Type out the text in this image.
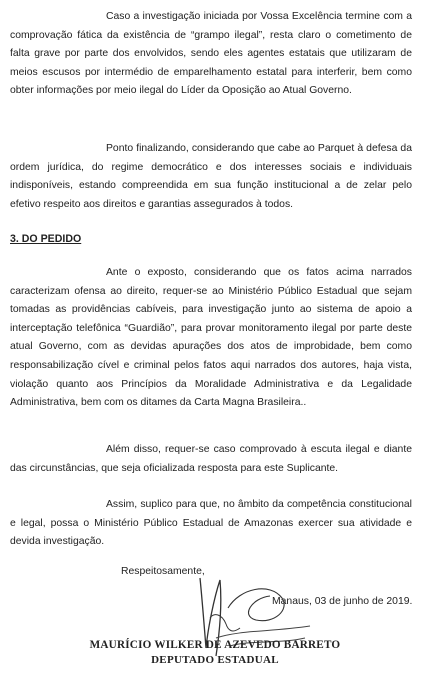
Caso a investigação iniciada por Vossa Excelência termine com a comprovação fática da existência de “grampo ilegal”, resta claro o cometimento de falta grave por parte dos envolvidos, sendo eles agentes estatais que utilizaram de meios escusos por intermédio de emparelhamento estatal para interferir, bem como obter informações por meio ilegal do Líder da Oposição ao Atual Governo.

Ponto finalizando, considerando que cabe ao Parquet à defesa da ordem jurídica, do regime democrático e dos interesses sociais e individuais indisponíveis, estando compreendida em sua função institucional a de zelar pelo efetivo respeito aos direitos e garantias assegurados à todos.

3. DO PEDIDO

Ante o exposto, considerando que os fatos acima narrados caracterizam ofensa ao direito, requer-se ao Ministério Público Estadual que sejam tomadas as providências cabíveis, para investigação junto ao sistema de apoio a interceptação telefônica “Guardião”, para provar monitoramento ilegal por parte deste atual Governo, com as devidas apurações dos atos de improbidade, bem como responsabilização cível e criminal pelos fatos aqui narrados dos autores, haja vista, violação quanto aos Princípios da Moralidade Administrativa e da Legalidade Administrativa, bem com os ditames da Carta Magna Brasileira..

Além disso, requer-se caso comprovado à escuta ilegal e diante das circunstâncias, que seja oficializada resposta para este Suplicante.

Assim, suplico para que, no âmbito da competência constitucional e legal, possa o Ministério Público Estadual de Amazonas exercer sua atividade e devida investigação.

Respeitosamente,

Manaus, 03 de junho de 2019.

MAURÍCIO WILKER DE AZEVEDO BARRETO

DEPUTADO ESTADUAL
